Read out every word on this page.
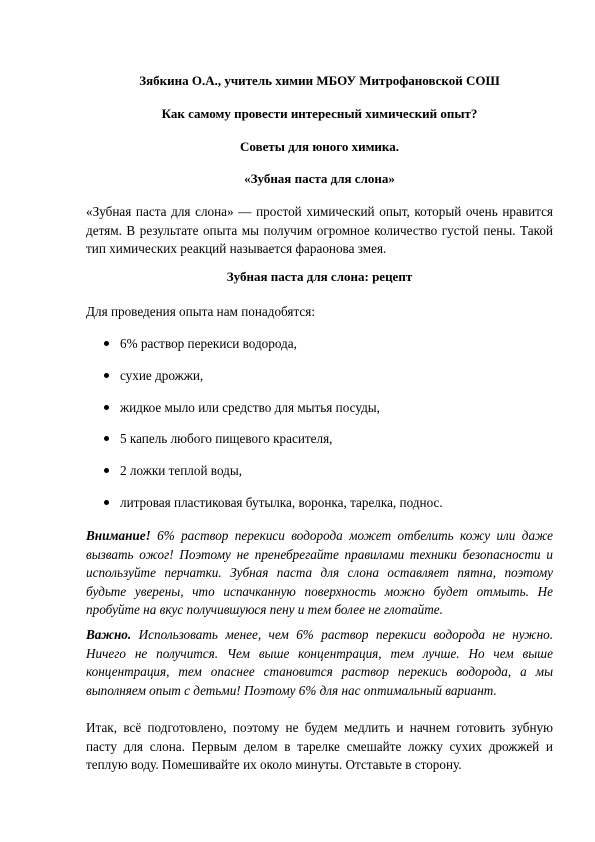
Зябкина О.А., учитель химии МБОУ Митрофановской СОШ
Как самому провести интересный химический опыт?
Советы для юного химика.
«Зубная паста для слона»
«Зубная паста для слона» — простой химический опыт, который очень нравится детям. В результате опыта мы получим огромное количество густой пены. Такой тип химических реакций называется фараонова змея.
Зубная паста для слона: рецепт
Для проведения опыта нам понадобятся:
6% раствор перекиси водорода,
сухие дрожжи,
жидкое мыло или средство для мытья посуды,
5 капель любого пищевого красителя,
2 ложки теплой воды,
литровая пластиковая бутылка, воронка, тарелка, поднос.
Внимание! 6% раствор перекиси водорода может отбелить кожу или даже вызвать ожог! Поэтому не пренебрегайте правилами техники безопасности и используйте перчатки. Зубная паста для слона оставляет пятна, поэтому будьте уверены, что испачканную поверхность можно будет отмыть. Не пробуйте на вкус получившуюся пену и тем более не глотайте.
Важно. Использовать менее, чем 6% раствор перекиси водорода не нужно. Ничего не получится. Чем выше концентрация, тем лучше. Но чем выше концентрация, тем опаснее становится раствор перекись водорода, а мы выполняем опыт с детьми! Поэтому 6% для нас оптимальный вариант.
Итак, всё подготовлено, поэтому не будем медлить и начнем готовить зубную пасту для слона. Первым делом в тарелке смешайте ложку сухих дрожжей и теплую воду. Помешивайте их около минуты. Отставьте в сторону.
